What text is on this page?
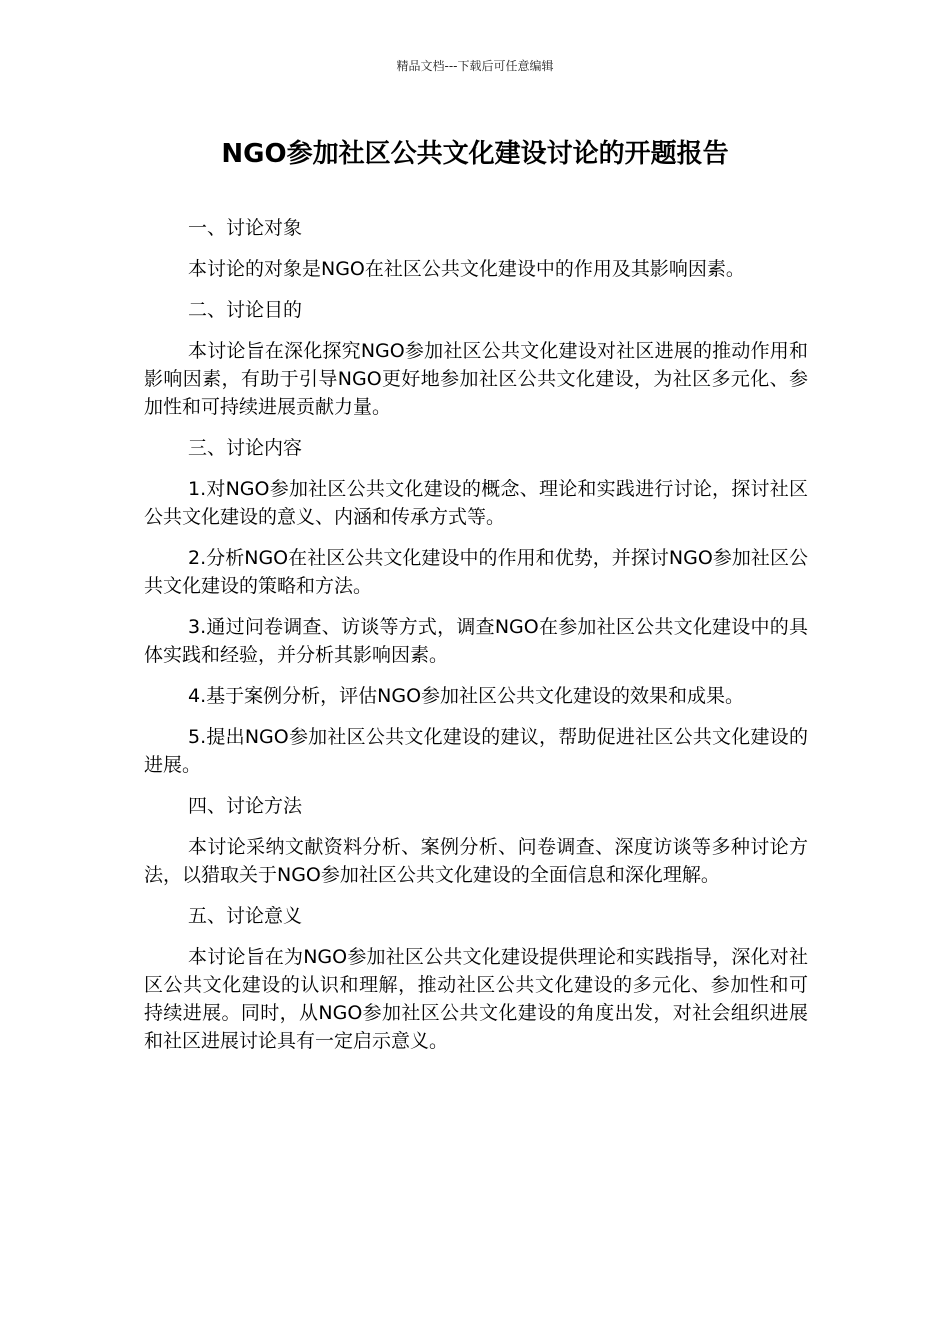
精品文档---下载后可任意编辑
NGO参加社区公共文化建设讨论的开题报告
一、讨论对象

本讨论的对象是NGO在社区公共文化建设中的作用及其影响因素。

二、讨论目的

本讨论旨在深化探究NGO参加社区公共文化建设对社区进展的推动作用和影响因素，有助于引导NGO更好地参加社区公共文化建设，为社区多元化、参加性和可持续进展贡献力量。

三、讨论内容

1.对NGO参加社区公共文化建设的概念、理论和实践进行讨论，探讨社区公共文化建设的意义、内涵和传承方式等。

2.分析NGO在社区公共文化建设中的作用和优势，并探讨NGO参加社区公共文化建设的策略和方法。

3.通过问卷调查、访谈等方式，调查NGO在参加社区公共文化建设中的具体实践和经验，并分析其影响因素。

4.基于案例分析，评估NGO参加社区公共文化建设的效果和成果。

5.提出NGO参加社区公共文化建设的建议，帮助促进社区公共文化建设的进展。

四、讨论方法

本讨论采纳文献资料分析、案例分析、问卷调查、深度访谈等多种讨论方法，以猎取关于NGO参加社区公共文化建设的全面信息和深化理解。

五、讨论意义

本讨论旨在为NGO参加社区公共文化建设提供理论和实践指导，深化对社区公共文化建设的认识和理解，推动社区公共文化建设的多元化、参加性和可持续进展。同时，从NGO参加社区公共文化建设的角度出发，对社会组织进展和社区进展讨论具有一定启示意义。
